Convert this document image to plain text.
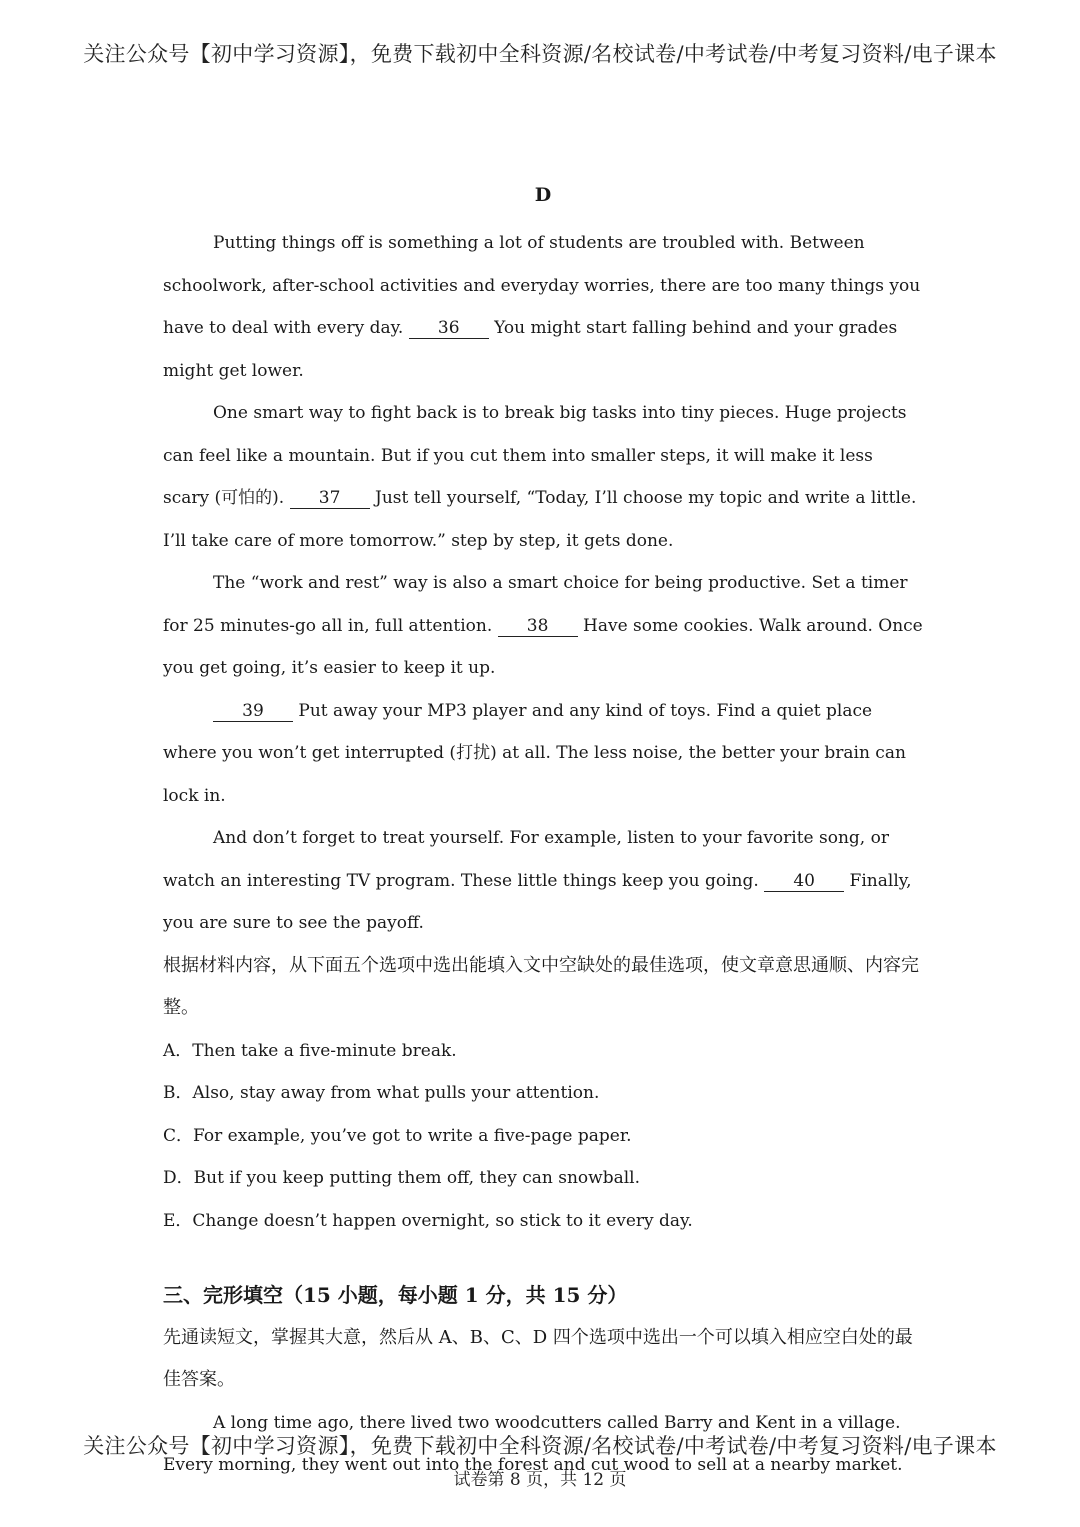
关注公众号【初中学习资源】，免费下载初中全科资源/名校试卷/中考试卷/中考复习资料/电子课本
D
Putting things off is something a lot of students are troubled with. Between schoolwork, after-school activities and everyday worries, there are too many things you have to deal with every day. 36 You might start falling behind and your grades might get lower.
One smart way to fight back is to break big tasks into tiny pieces. Huge projects can feel like a mountain. But if you cut them into smaller steps, it will make it less scary (可怕的). 37 Just tell yourself, “Today, I’ll choose my topic and write a little. I’ll take care of more tomorrow.” step by step, it gets done.
The “work and rest” way is also a smart choice for being productive. Set a timer for 25 minutes-go all in, full attention. 38 Have some cookies. Walk around. Once you get going, it’s easier to keep it up.
39 Put away your MP3 player and any kind of toys. Find a quiet place where you won’t get interrupted (打扰) at all. The less noise, the better your brain can lock in.
And don’t forget to treat yourself. For example, listen to your favorite song, or watch an interesting TV program. These little things keep you going. 40 Finally, you are sure to see the payoff.
根据材料内容，从下面五个选项中选出能填入文中空缺处的最佳选项，使文章意思通顺、内容完整。
A．Then take a five-minute break.
B．Also, stay away from what pulls your attention.
C．For example, you’ve got to write a five-page paper.
D．But if you keep putting them off, they can snowball.
E．Change doesn’t happen overnight, so stick to it every day.
三、完形填空（15 小题，每小题 1 分，共 15 分）
先通读短文，掌握其大意，然后从 A、B、C、D 四个选项中选出一个可以填入相应空白处的最佳答案。
A long time ago, there lived two woodcutters called Barry and Kent in a village. Every morning, they went out into the forest and cut wood to sell at a nearby market.
关注公众号【初中学习资源】，免费下载初中全科资源/名校试卷/中考试卷/中考复习资料/电子课本
试卷第 8 页，共 12 页
